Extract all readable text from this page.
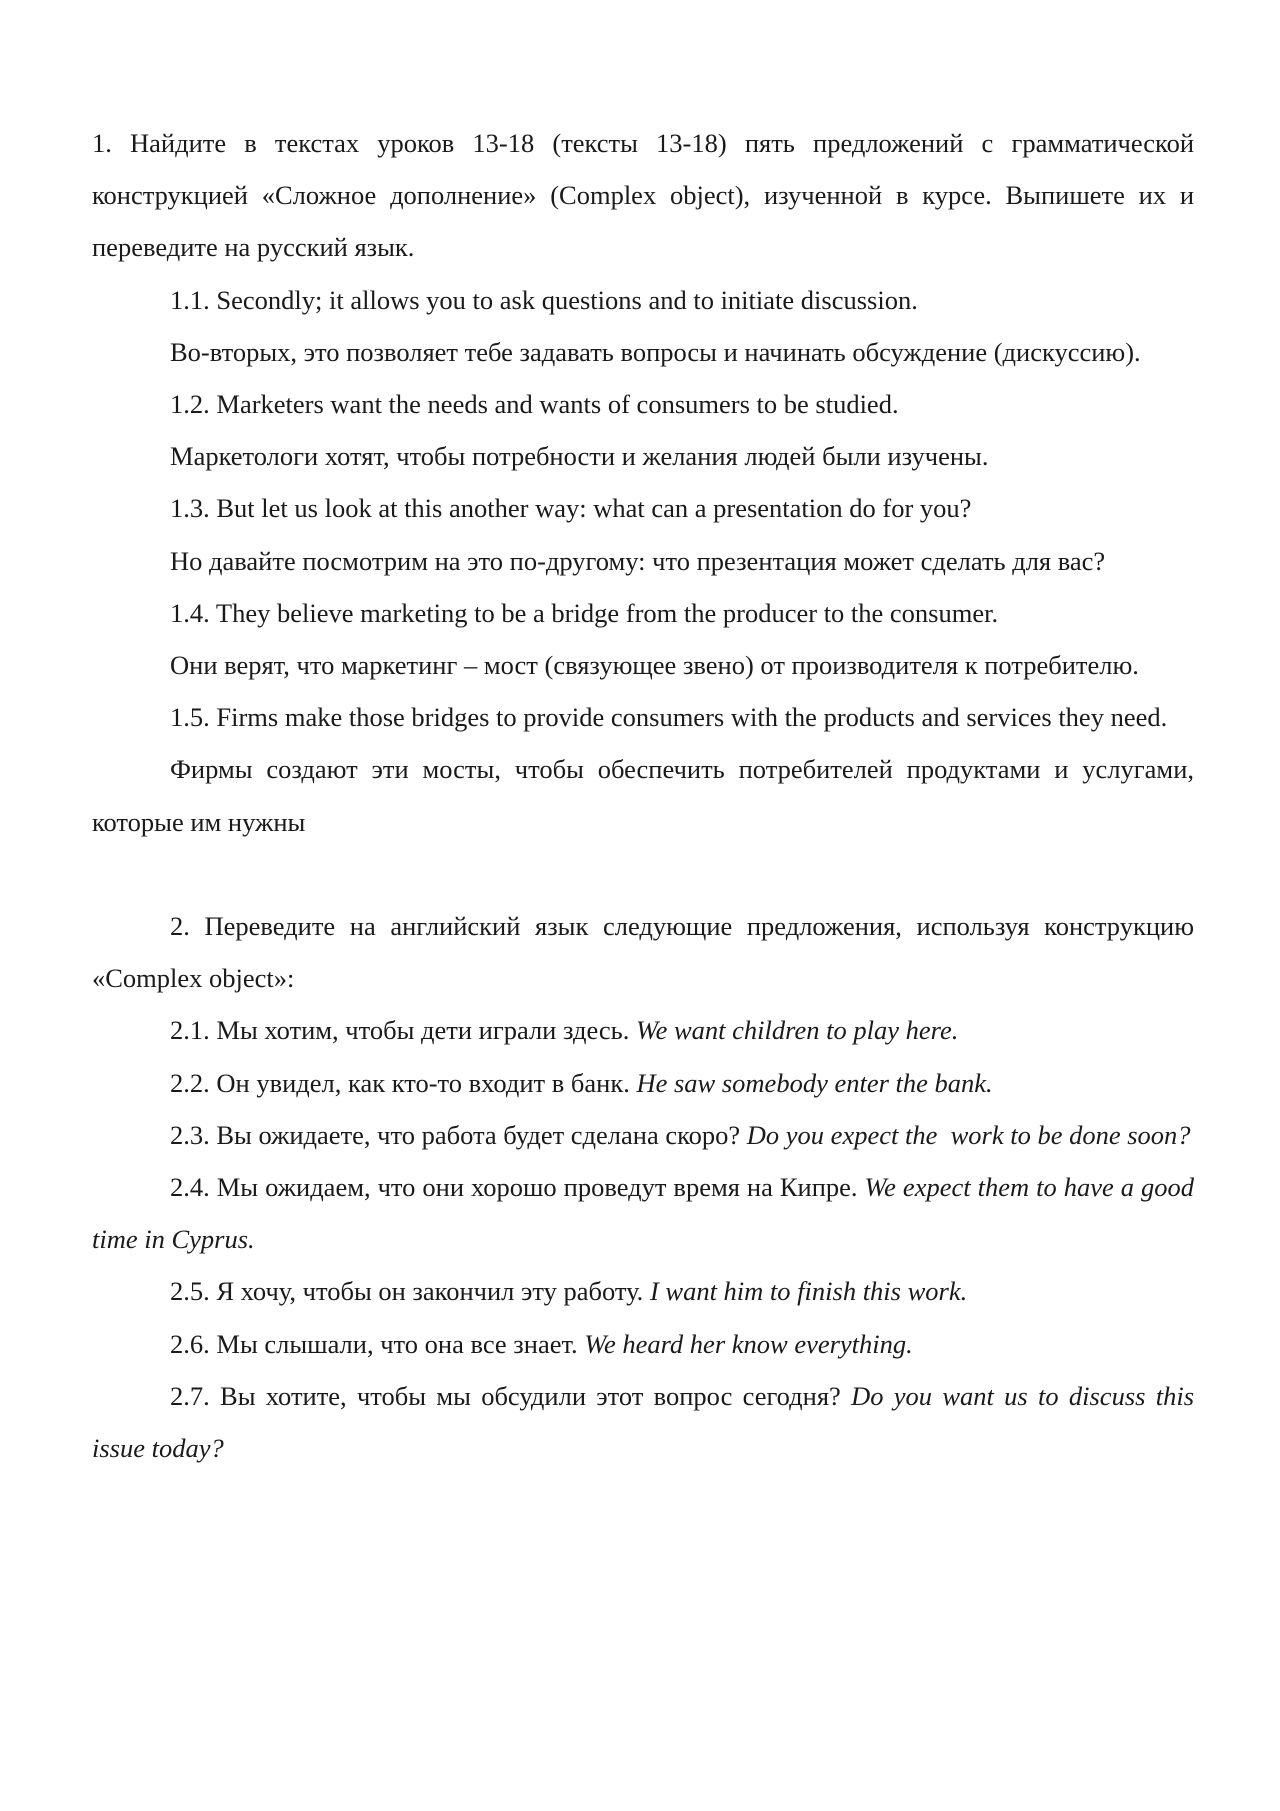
1. Найдите в текстах уроков 13-18 (тексты 13-18) пять предложений с грамматической конструкцией «Сложное дополнение» (Complex object), изученной в курсе. Выпишете их и переведите на русский язык.

1.1. Secondly; it allows you to ask questions and to initiate discussion.

Во-вторых, это позволяет тебе задавать вопросы и начинать обсуждение (дискуссию).

1.2. Marketers want the needs and wants of consumers to be studied.

Маркетологи хотят, чтобы потребности и желания людей были изучены.

1.3. But let us look at this another way: what can a presentation do for you?

Но давайте посмотрим на это по-другому: что презентация может сделать для вас?

1.4. They believe marketing to be a bridge from the producer to the consumer.

Они верят, что маркетинг – мост (связующее звено) от производителя к потребителю.

1.5. Firms make those bridges to provide consumers with the products and services they need.

Фирмы создают эти мосты, чтобы обеспечить потребителей продуктами и услугами, которые им нужны

2. Переведите на английский язык следующие предложения, используя конструкцию «Complex object»:

2.1. Мы хотим, чтобы дети играли здесь. We want children to play here.

2.2. Он увидел, как кто-то входит в банк. He saw somebody enter the bank.

2.3. Вы ожидаете, что работа будет сделана скоро? Do you expect the  work to be done soon?

2.4. Мы ожидаем, что они хорошо проведут время на Кипре. We expect them to have a good time in Cyprus.

2.5. Я хочу, чтобы он закончил эту работу. I want him to finish this work.

2.6. Мы слышали, что она все знает. We heard her know everything.

2.7. Вы хотите, чтобы мы обсудили этот вопрос сегодня? Do you want us to discuss this issue today?
